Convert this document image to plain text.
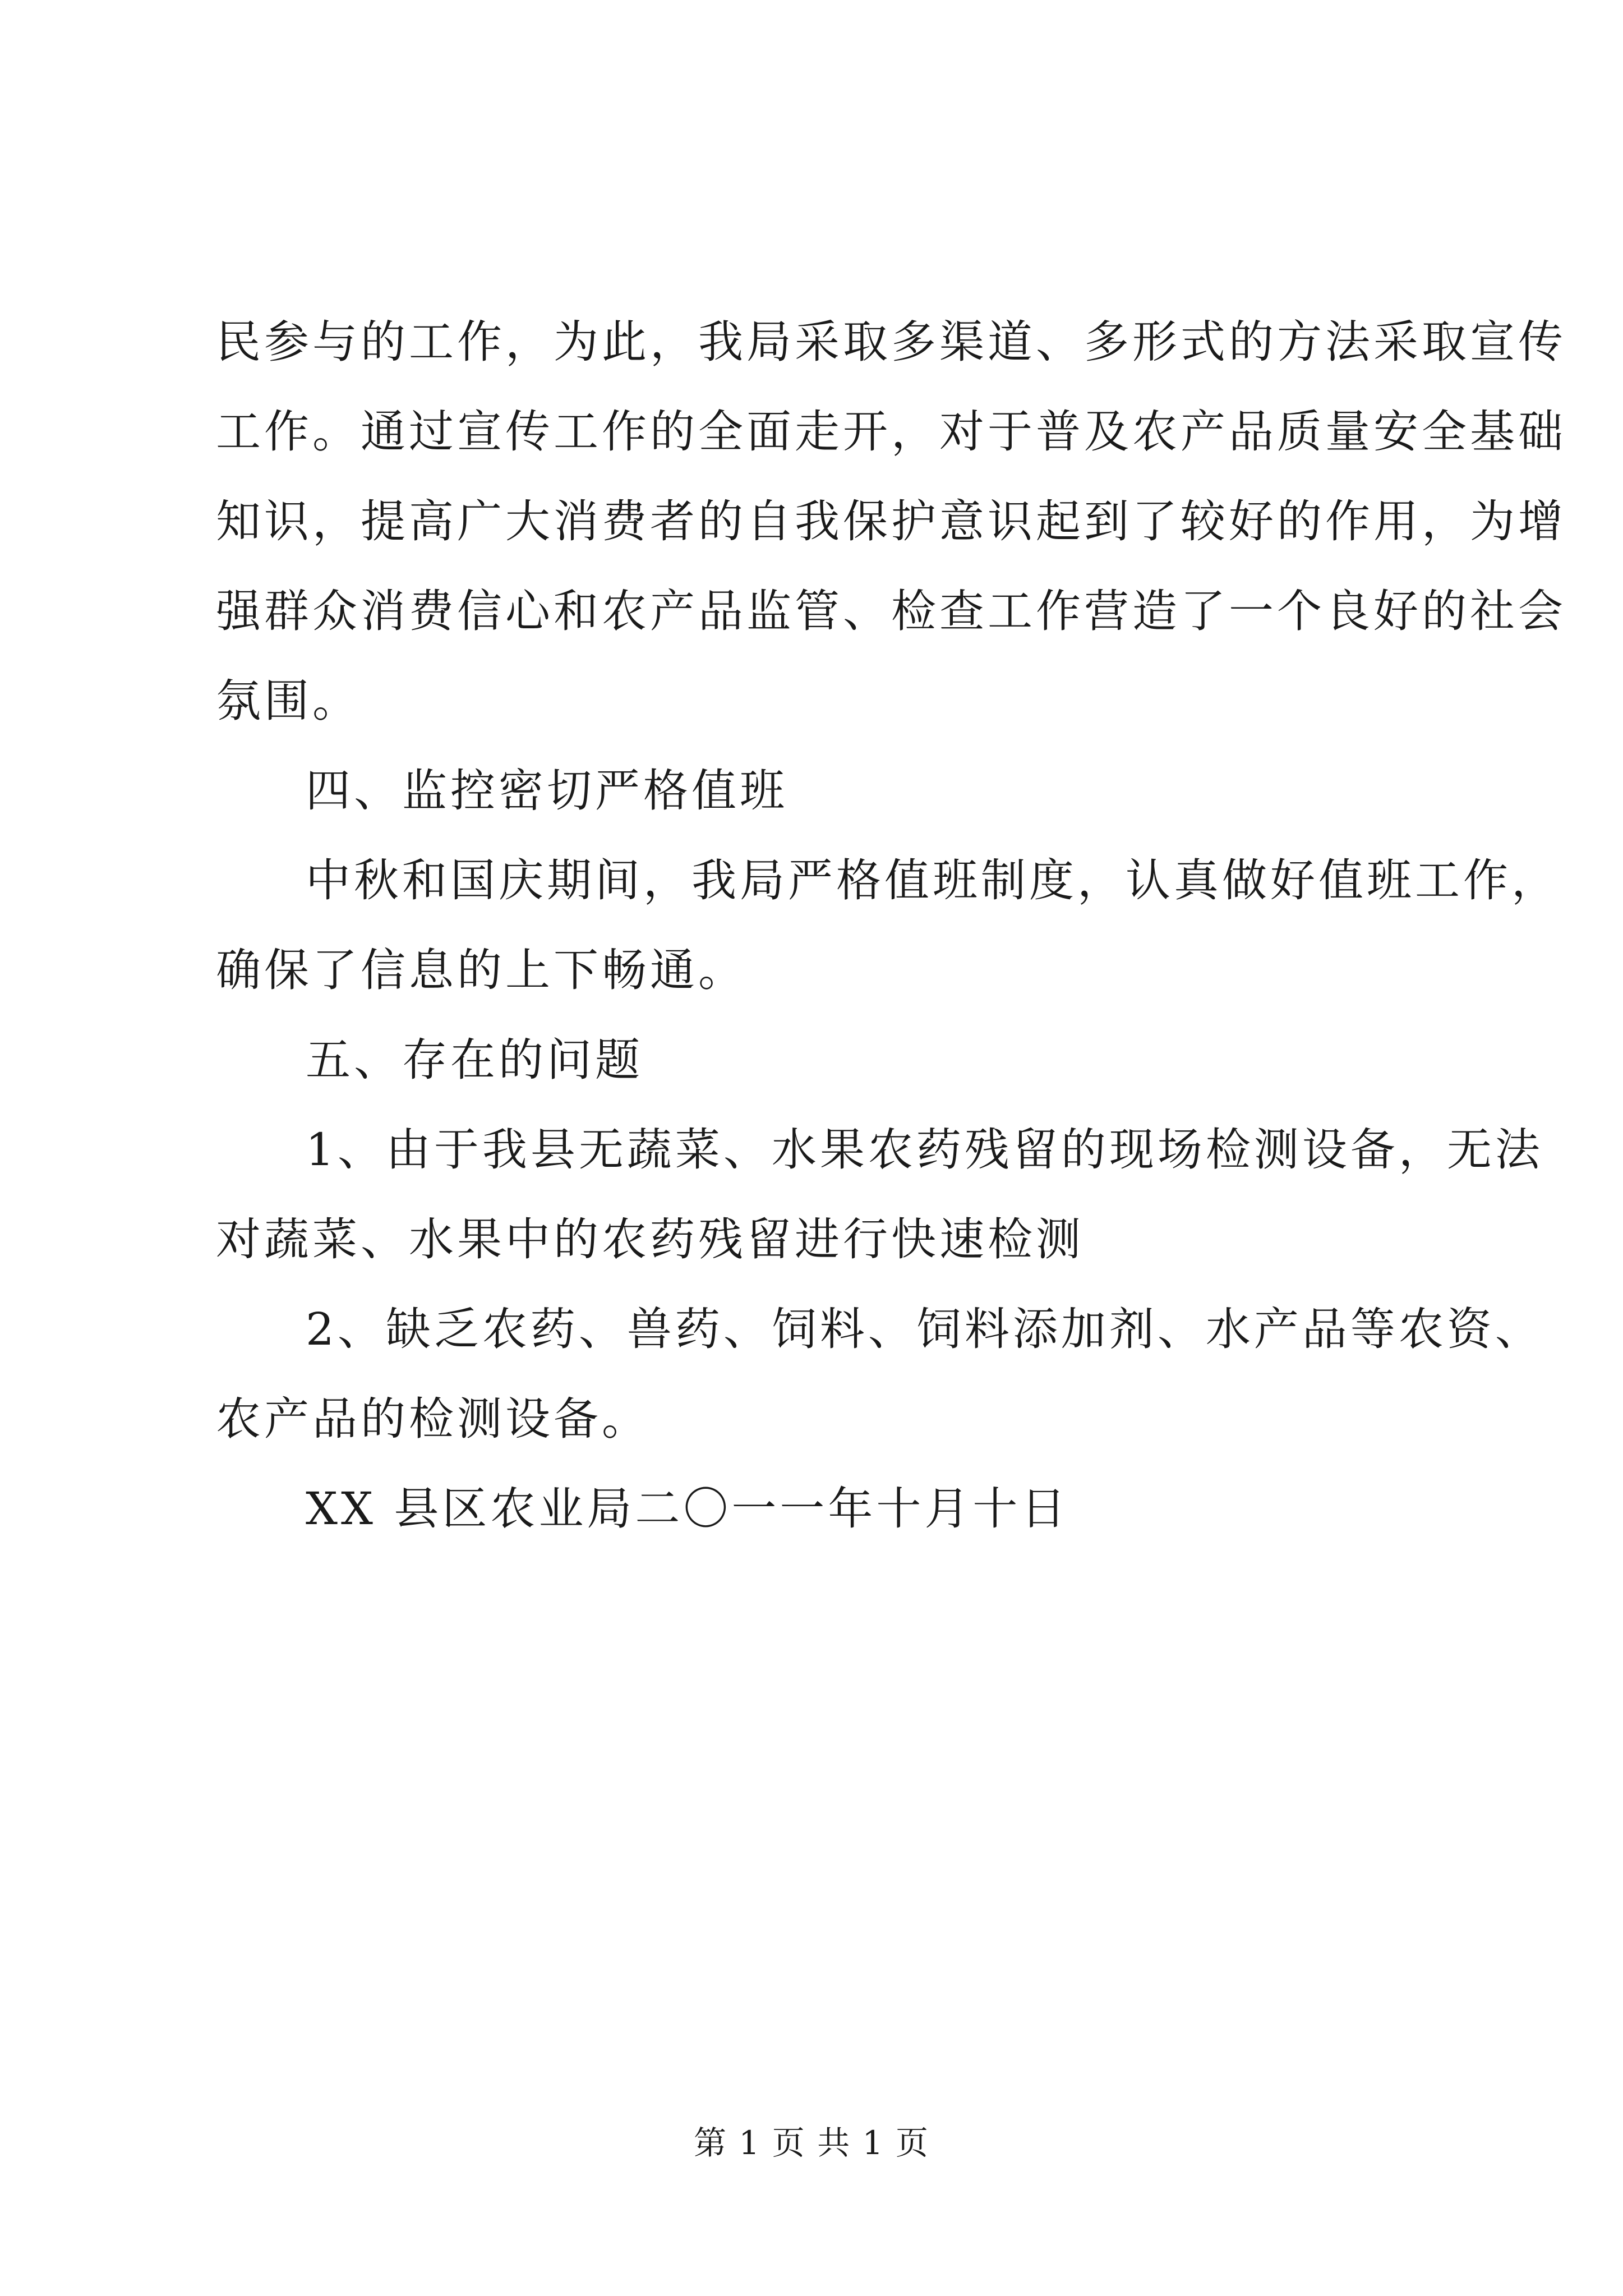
民参与的工作，为此，我局采取多渠道、多形式的方法采取宣传
工作。通过宣传工作的全面走开，对于普及农产品质量安全基础
知识，提高广大消费者的自我保护意识起到了较好的作用，为增
强群众消费信心和农产品监管、检查工作营造了一个良好的社会
氛围。
四、监控密切严格值班
中秋和国庆期间，我局严格值班制度，认真做好值班工作，
确保了信息的上下畅通。
五、存在的问题
1、由于我县无蔬菜、水果农药残留的现场检测设备，无法
对蔬菜、水果中的农药残留进行快速检测
2、缺乏农药、兽药、饲料、饲料添加剂、水产品等农资、
农产品的检测设备。
XX 县区农业局二〇一一年十月十日
第 1 页 共 1 页
